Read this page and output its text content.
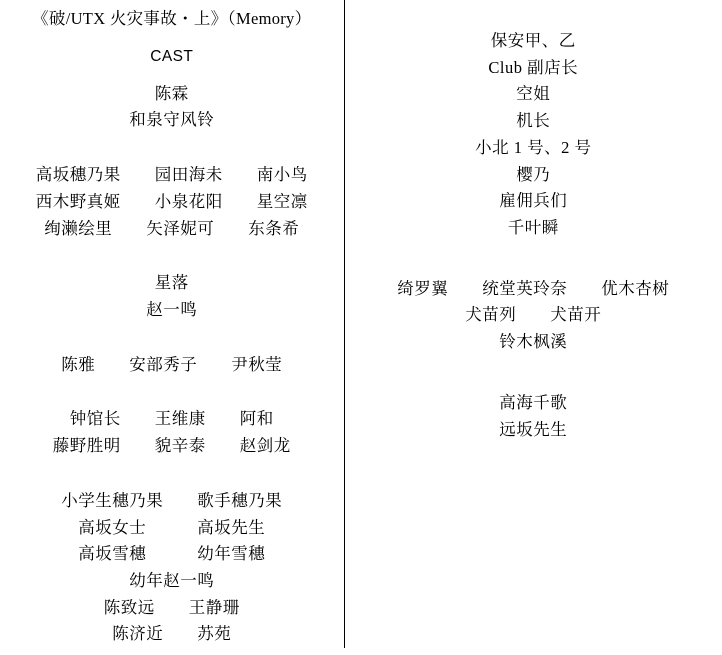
《破/UTX 火灾事故・上》（Memory）
CAST
陈霖
和泉守风铃
高坂穗乃果　　园田海未　　南小鸟
西木野真姬　　小泉花阳　　星空凛
绚濑绘里　　矢泽妮可　　东条希
星落
赵一鸣
陈雅　　安部秀子　　尹秋莹
钟馆长　　王维康　　阿和
藤野胜明　　貌辛泰　　赵剑龙
小学生穗乃果　　歌手穗乃果
高坂女士　　　高坂先生
高坂雪穗　　　幼年雪穗
幼年赵一鸣
陈致远　　王静珊
陈济近　　苏苑
保安甲、乙
Club 副店长
空姐
机长
小北 1 号、2 号
樱乃
雇佣兵们
千叶瞬
绮罗翼　　统堂英玲奈　　优木杏树
犬苗列　　犬苗开
铃木枫溪
高海千歌
远坂先生
